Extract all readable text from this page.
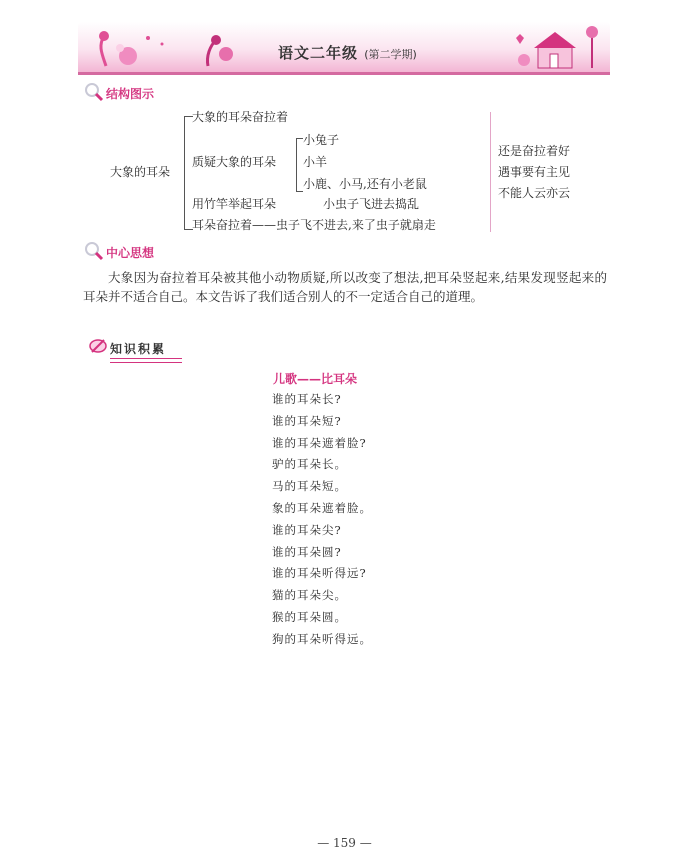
语文二年级 (第二学期)
结构图示
大象的耳朵
大象的耳朵奋拉着
质疑大象的耳朵
小兔子
小羊
小鹿、小马,还有小老鼠
用竹竿举起耳朵	小虫子飞进去捣乱
耳朵奋拉着——虫子飞不进去,来了虫子就扇走
还是奋拉着好
遇事要有主见
不能人云亦云
中心思想

大象因为奋拉着耳朵被其他小动物质疑,所以改变了想法,把耳朵竖起来,结果发现竖起来的耳朵并不适合自己。本文告诉了我们适合别人的不一定适合自己的道理。

知识积累
儿歌——比耳朵
谁的耳朵长?
谁的耳朵短?
谁的耳朵遮着脸?
驴的耳朵长。
马的耳朵短。
象的耳朵遮着脸。
谁的耳朵尖?
谁的耳朵圆?
谁的耳朵听得远?
猫的耳朵尖。
猴的耳朵圆。
狗的耳朵听得远。
— 159 —
